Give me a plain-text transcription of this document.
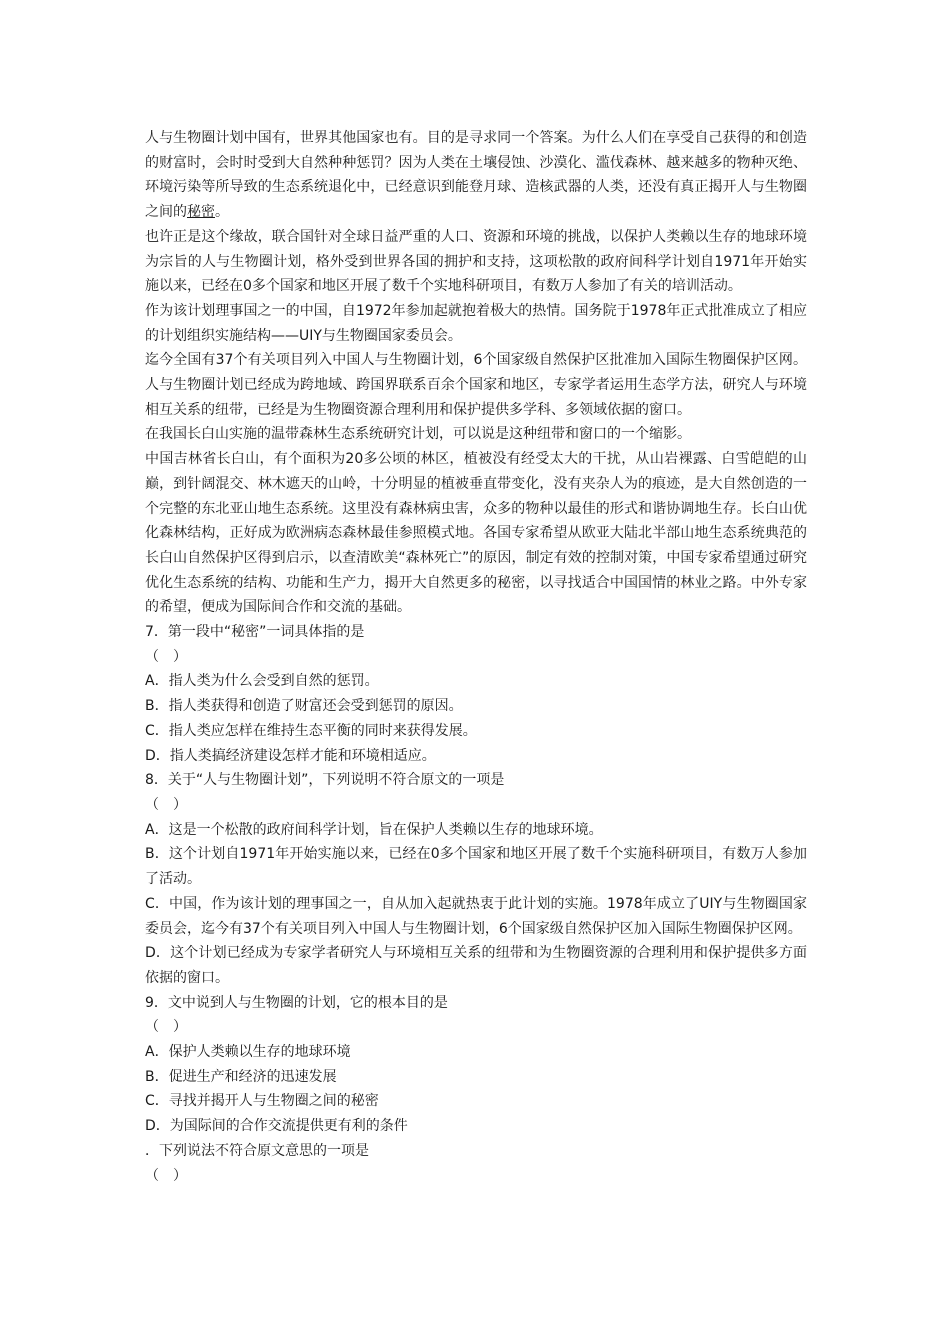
人与生物圈计划中国有，世界其他国家也有。目的是寻求同一个答案。为什么人们在享受自己获得的和创造的财富时，会时时受到大自然种种惩罚？因为人类在土壤侵蚀、沙漠化、滥伐森林、越来越多的物种灭绝、环境污染等所导致的生态系统退化中，已经意识到能登月球、造核武器的人类，还没有真正揭开人与生物圈之间的秘密。

也许正是这个缘故，联合国针对全球日益严重的人口、资源和环境的挑战，以保护人类赖以生存的地球环境为宗旨的人与生物圈计划，格外受到世界各国的拥护和支持，这项松散的政府间科学计划自1971年开始实施以来，已经在0多个国家和地区开展了数千个实地科研项目，有数万人参加了有关的培训活动。

作为该计划理事国之一的中国，自1972年参加起就抱着极大的热情。国务院于1978年正式批准成立了相应的计划组织实施结构——UIY与生物圈国家委员会。

迄今全国有37个有关项目列入中国人与生物圈计划，6个国家级自然保护区批准加入国际生物圈保护区网。人与生物圈计划已经成为跨地域、跨国界联系百余个国家和地区，专家学者运用生态学方法，研究人与环境相互关系的纽带，已经是为生物圈资源合理利用和保护提供多学科、多领域依据的窗口。

在我国长白山实施的温带森林生态系统研究计划，可以说是这种纽带和窗口的一个缩影。

中国吉林省长白山，有个面积为20多公顷的林区，植被没有经受太大的干扰，从山岩裸露、白雪皑皑的山巅，到针阔混交、林木遮天的山岭，十分明显的植被垂直带变化，没有夹杂人为的痕迹，是大自然创造的一个完整的东北亚山地生态系统。这里没有森林病虫害，众多的物种以最佳的形式和谐协调地生存。长白山优化森林结构，正好成为欧洲病态森林最佳参照模式地。各国专家希望从欧亚大陆北半部山地生态系统典范的长白山自然保护区得到启示，以查清欧美“森林死亡”的原因，制定有效的控制对策，中国专家希望通过研究优化生态系统的结构、功能和生产力，揭开大自然更多的秘密，以寻找适合中国国情的林业之路。中外专家的希望，便成为国际间合作和交流的基础。

7．第一段中“秘密”一词具体指的是

（　）

A．指人类为什么会受到自然的惩罚。

B．指人类获得和创造了财富还会受到惩罚的原因。

C．指人类应怎样在维持生态平衡的同时来获得发展。

D．指人类搞经济建设怎样才能和环境相适应。

8．关于“人与生物圈计划”，下列说明不符合原文的一项是

（　）

A．这是一个松散的政府间科学计划，旨在保护人类赖以生存的地球环境。

B．这个计划自1971年开始实施以来，已经在0多个国家和地区开展了数千个实施科研项目，有数万人参加了活动。

C．中国，作为该计划的理事国之一，自从加入起就热衷于此计划的实施。1978年成立了UIY与生物圈国家委员会，迄今有37个有关项目列入中国人与生物圈计划，6个国家级自然保护区加入国际生物圈保护区网。

D．这个计划已经成为专家学者研究人与环境相互关系的纽带和为生物圈资源的合理利用和保护提供多方面依据的窗口。

9．文中说到人与生物圈的计划，它的根本目的是

（　）

A．保护人类赖以生存的地球环境

B．促进生产和经济的迅速发展

C．寻找并揭开人与生物圈之间的秘密

D．为国际间的合作交流提供更有利的条件

．下列说法不符合原文意思的一项是

（　）
